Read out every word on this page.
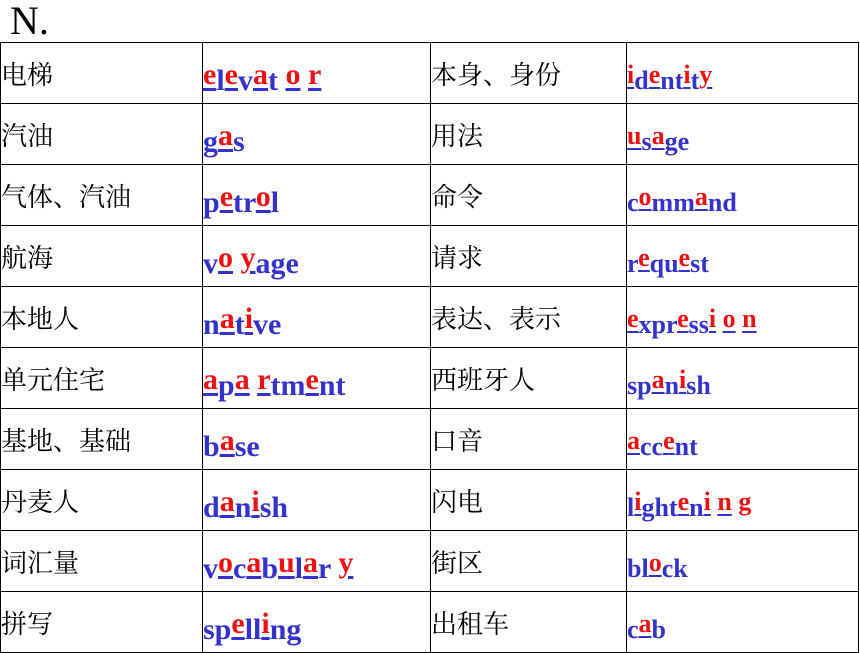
N.
电梯	elevat o r	本身、身份	identity
汽油	gas	用法	usage
气体、汽油	petrol	命令	command
航海	vo yage	请求	request
本地人	native	表达、表示	expressi o n
单元住宅	apa rtment	西班牙人	spanish
基地、基础	base	口音	accent
丹麦人	danish	闪电	lighteni n g
词汇量	vocabular y	街区	block
拼写	spelling	出租车	cab
